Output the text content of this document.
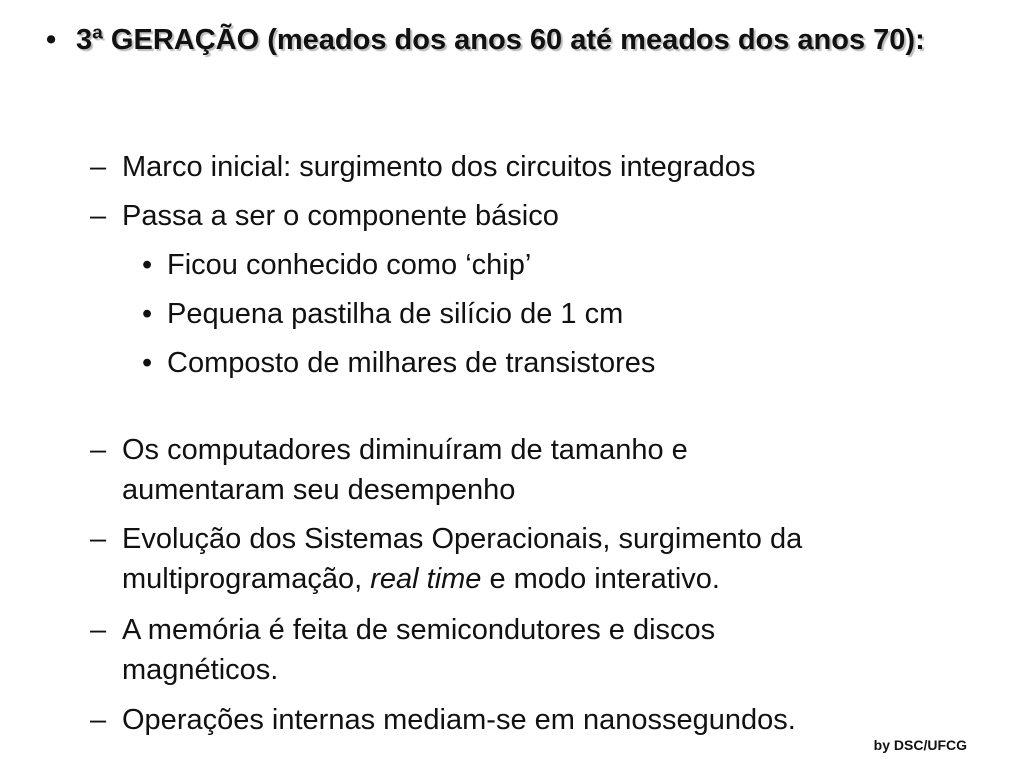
• 3ª GERAÇÃO (meados dos anos 60 até meados dos anos 70):
– Marco inicial: surgimento dos circuitos integrados
– Passa a ser o componente básico
• Ficou conhecido como ‘chip’
• Pequena pastilha de silício de 1 cm
• Composto de milhares de transistores
– Os computadores diminuíram de tamanho e aumentaram seu desempenho
– Evolução dos Sistemas Operacionais, surgimento da multiprogramação, real time e modo interativo.
– A memória é feita de semicondutores e discos magnéticos.
– Operações internas mediam-se em nanossegundos.
by DSC/UFCG
